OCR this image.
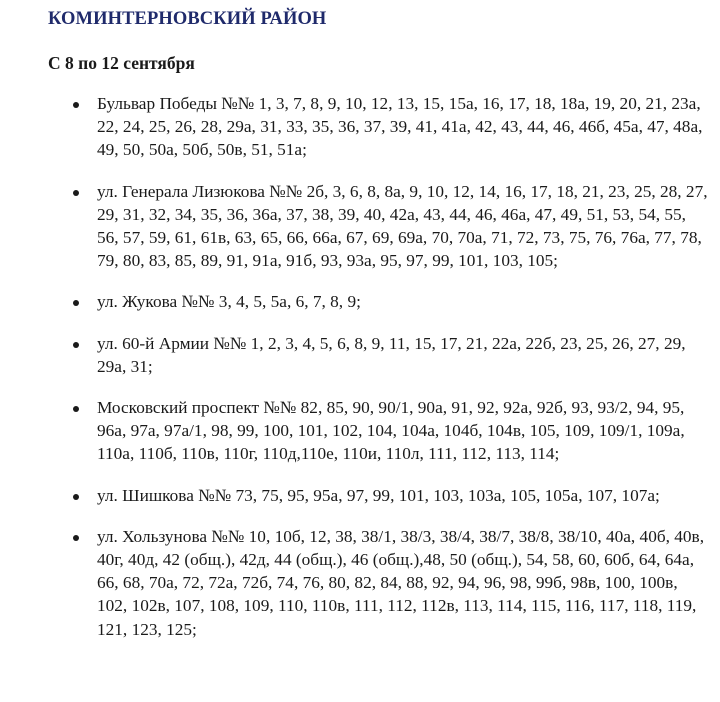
КОМИНТЕРНОВСКИЙ РАЙОН
С 8 по 12 сентября
Бульвар Победы №№ 1, 3, 7, 8, 9, 10, 12, 13, 15, 15а, 16, 17, 18, 18а, 19, 20, 21, 23а, 22, 24, 25, 26, 28, 29а, 31, 33, 35, 36, 37, 39, 41, 41а, 42, 43, 44, 46, 46б, 45а, 47, 48а, 49, 50, 50а, 50б, 50в, 51, 51а;
ул. Генерала Лизюкова №№ 2б, 3, 6, 8, 8а, 9, 10, 12, 14, 16, 17, 18, 21, 23, 25, 28, 27, 29, 31, 32, 34, 35, 36, 36а, 37, 38, 39, 40, 42а, 43, 44, 46, 46а, 47, 49, 51, 53, 54, 55, 56, 57, 59, 61, 61в, 63, 65, 66, 66а, 67, 69, 69а, 70, 70а, 71, 72, 73, 75, 76, 76а, 77, 78, 79, 80, 83, 85, 89, 91, 91а, 91б, 93, 93а, 95, 97, 99, 101, 103, 105;
ул. Жукова №№ 3, 4, 5, 5а, 6, 7, 8, 9;
ул. 60-й Армии №№ 1, 2, 3, 4, 5, 6, 8, 9, 11, 15, 17, 21, 22а, 22б, 23, 25, 26, 27, 29, 29а, 31;
Московский проспект №№ 82, 85, 90, 90/1, 90а, 91, 92, 92а, 92б, 93, 93/2, 94, 95, 96а, 97а, 97а/1, 98, 99, 100, 101, 102, 104, 104а, 104б, 104в, 105, 109, 109/1, 109а, 110а, 110б, 110в, 110г, 110д,110е, 110и, 110л, 111, 112, 113, 114;
ул. Шишкова №№ 73, 75, 95, 95а, 97, 99, 101, 103, 103а, 105, 105а, 107, 107а;
ул. Хользунова №№ 10, 10б, 12, 38, 38/1, 38/3, 38/4, 38/7, 38/8, 38/10, 40а, 40б, 40в, 40г, 40д, 42 (общ.), 42д, 44 (общ.), 46 (общ.),48, 50 (общ.), 54, 58, 60, 60б, 64, 64а, 66, 68, 70а, 72, 72а, 72б, 74, 76, 80, 82, 84, 88, 92, 94, 96, 98, 99б, 98в, 100, 100в, 102, 102в, 107, 108, 109, 110, 110в, 111, 112, 112в, 113, 114, 115, 116, 117, 118, 119, 121, 123, 125;
